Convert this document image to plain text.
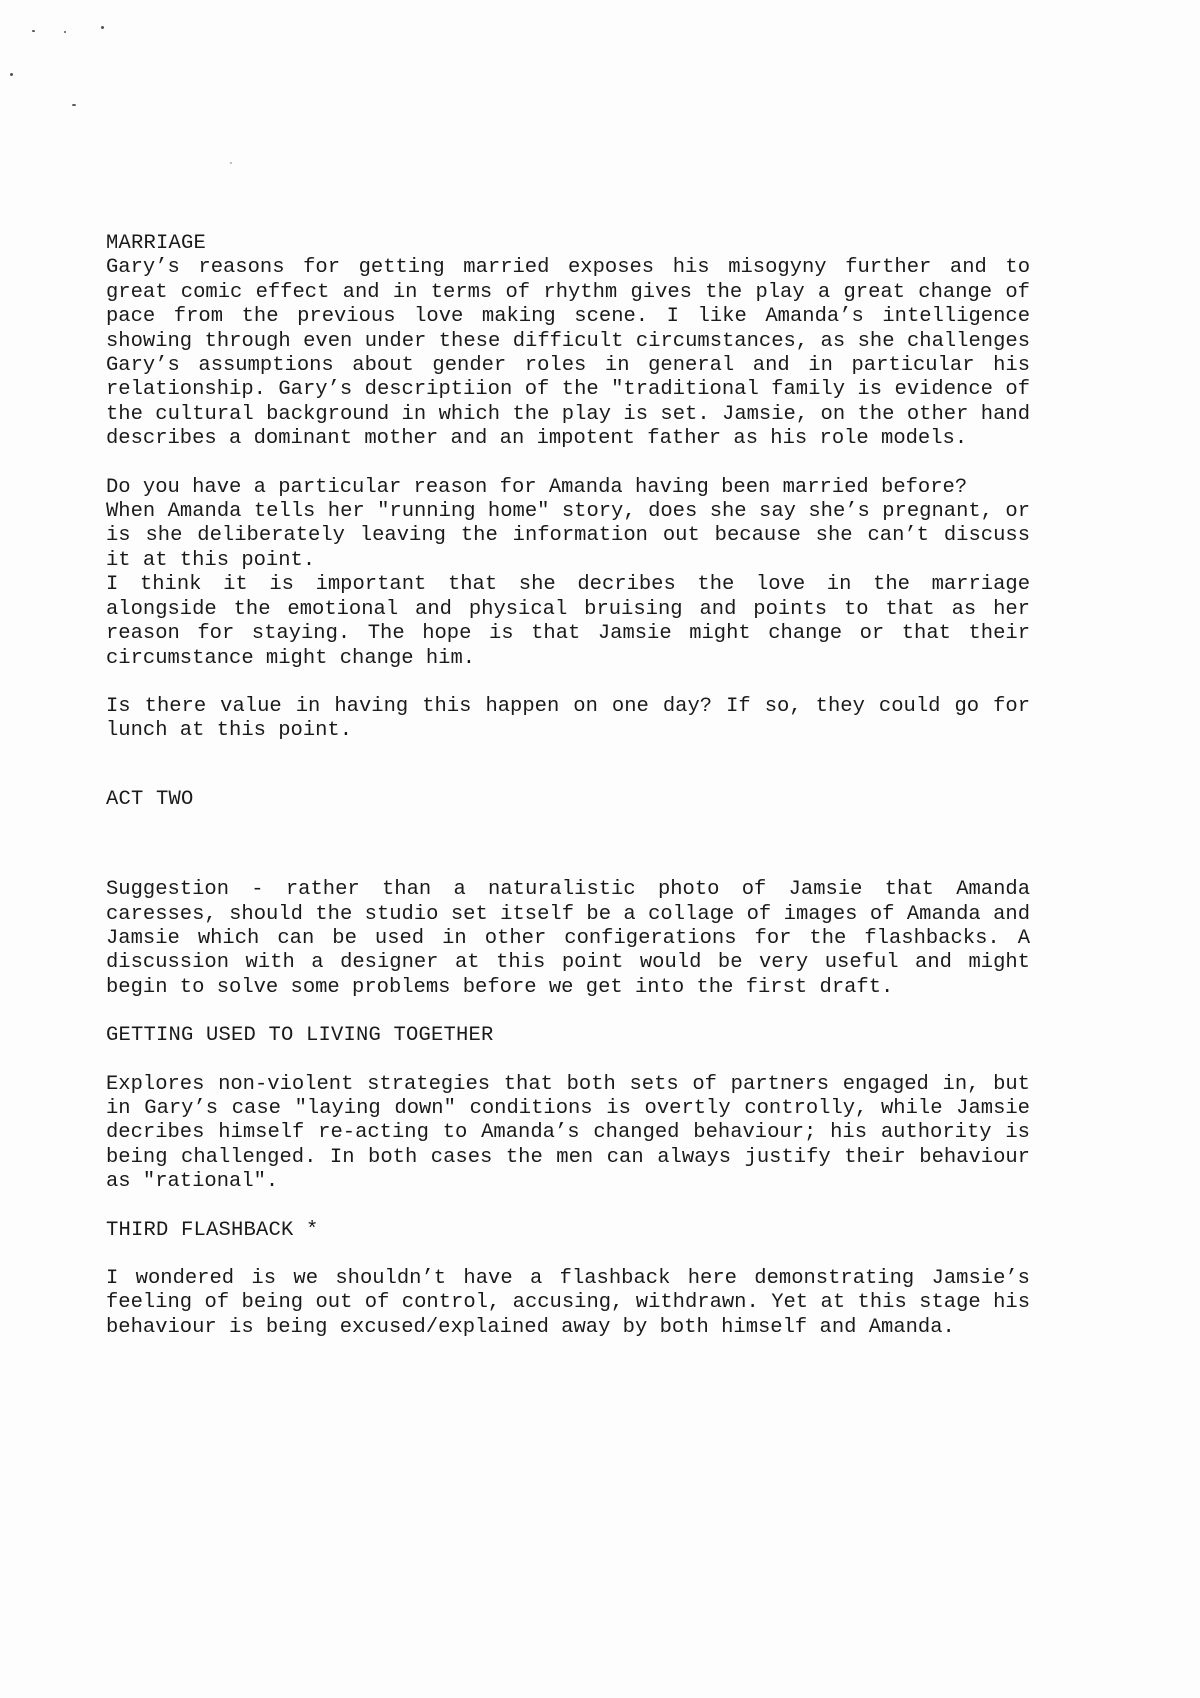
MARRIAGE

Gary’s reasons for getting married exposes his misogyny further and to great comic effect and in terms of rhythm gives the play a great change of pace from the previous love making scene. I like Amanda’s intelligence showing through even under these difficult circumstances, as she challenges Gary’s assumptions about gender roles in general and in particular his relationship. Gary’s descriptiion of the "traditional family is evidence of the cultural background in which the play is set. Jamsie, on the other hand describes a dominant mother and an impotent father as his role models.

Do you have a particular reason for Amanda having been married before?

When Amanda tells her "running home" story, does she say she’s pregnant, or is she deliberately leaving the information out because she can’t discuss it at this point.

I think it is important that she decribes the love in the marriage alongside the emotional and physical bruising and points to that as her reason for staying. The hope is that Jamsie might change or that their circumstance might change him.

Is there value in having this happen on one day? If so, they could go for lunch at this point.

ACT TWO

Suggestion - rather than a naturalistic photo of Jamsie that Amanda caresses, should the studio set itself be a collage of images of Amanda and Jamsie which can be used in other configerations for the flashbacks. A discussion with a designer at this point would be very useful and might begin to solve some problems before we get into the first draft.

GETTING USED TO LIVING TOGETHER

Explores non-violent strategies that both sets of partners engaged in, but in Gary’s case "laying down" conditions is overtly controlly, while Jamsie decribes himself re-acting to Amanda’s changed behaviour; his authority is being challenged. In both cases the men can always justify their behaviour as "rational".

THIRD FLASHBACK *

I wondered is we shouldn’t have a flashback here demonstrating Jamsie’s feeling of being out of control, accusing, withdrawn. Yet at this stage his behaviour is being excused/explained away by both himself and Amanda.
